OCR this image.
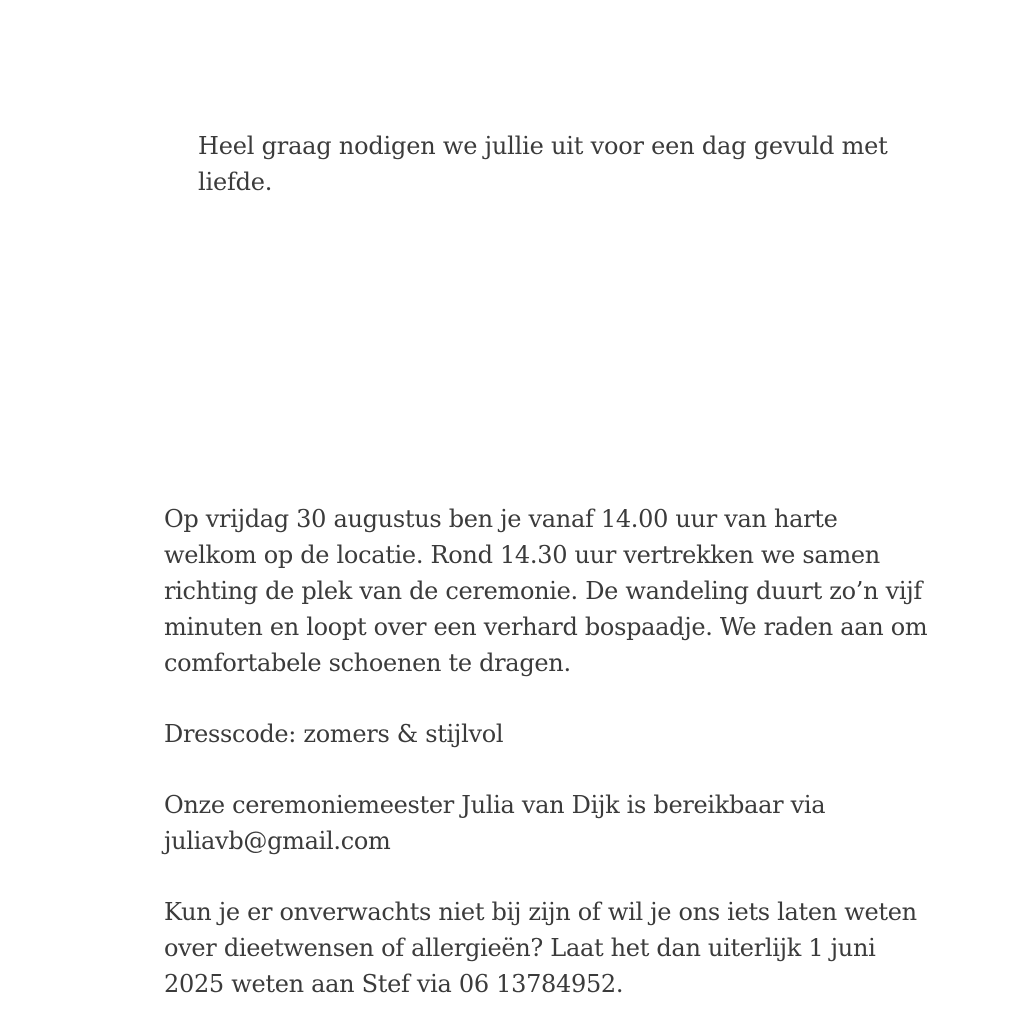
Heel graag nodigen we jullie uit voor een dag gevuld met liefde.

Op vrijdag 30 augustus ben je vanaf 14.00 uur van harte welkom op de locatie. Rond 14.30 uur vertrekken we samen richting de plek van de ceremonie. De wandeling duurt zo’n vijf minuten en loopt over een verhard bospaadje. We raden aan om comfortabele schoenen te dragen.

Dresscode: zomers & stijlvol

Onze ceremoniemeester Julia van Dijk is bereikbaar via juliavb@gmail.com

Kun je er onverwachts niet bij zijn of wil je ons iets laten weten over dieetwensen of allergieën? Laat het dan uiterlijk 1 juni 2025 weten aan Stef via 06 13784952.
